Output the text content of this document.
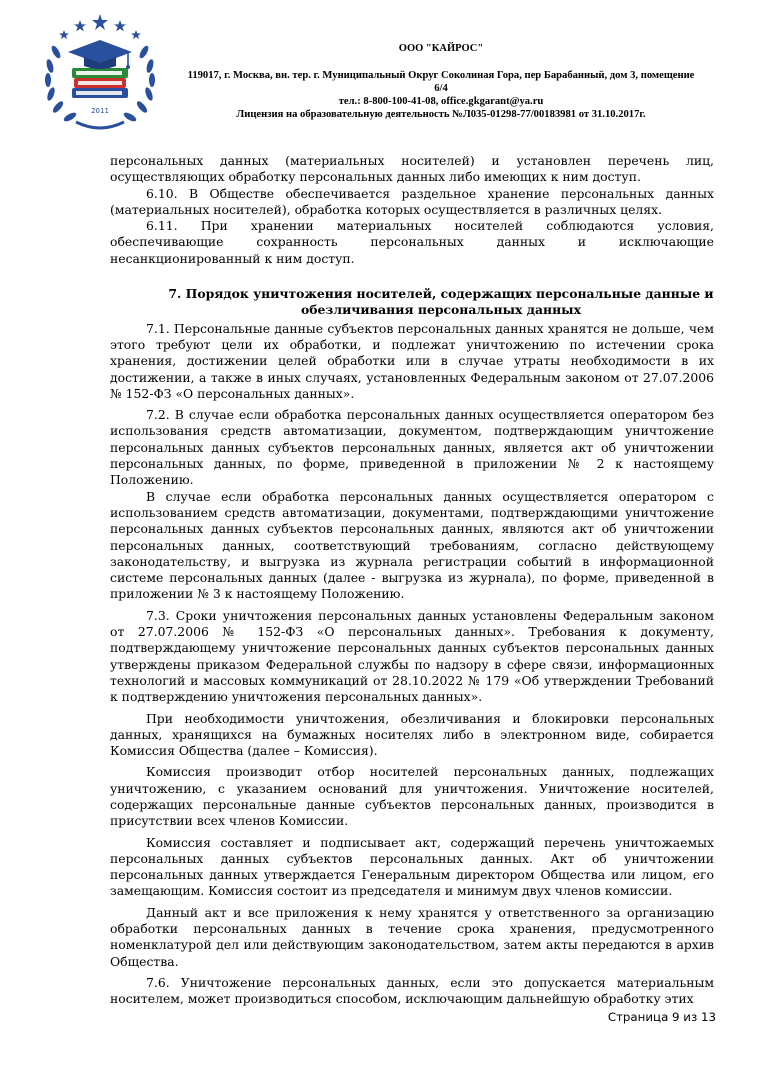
2011
ООО "КАЙРОС"
119017, г. Москва, вн. тер. г. Муниципальный Округ Соколиная Гора, пер Барабанный, дом 3, помещение 6/4
тел.: 8-800-100-41-08, office.gkgarant@ya.ru
Лицензия на образовательную деятельность №Л035-01298-77/00183981 от 31.10.2017г.

персональных данных (материальных носителей) и установлен перечень лиц, осуществляющих обработку персональных данных либо имеющих к ним доступ.

6.10. В Обществе обеспечивается раздельное хранение персональных данных (материальных носителей), обработка которых осуществляется в различных целях.

6.11. При хранении материальных носителей соблюдаются условия, обеспечивающие сохранность персональных данных и исключающие несанкционированный к ним доступ.

7. Порядок уничтожения носителей, содержащих персональные данные и
обезличивания персональных данных

7.1. Персональные данные субъектов персональных данных хранятся не дольше, чем этого требуют цели их обработки, и подлежат уничтожению по истечении срока хранения, достижении целей обработки или в случае утраты необходимости в их достижении, а также в иных случаях, установленных Федеральным законом от 27.07.2006 № 152-ФЗ «О персональных данных».

7.2. В случае если обработка персональных данных осуществляется оператором без использования средств автоматизации, документом, подтверждающим уничтожение персональных данных субъектов персональных данных, является акт об уничтожении персональных данных, по форме, приведенной в приложении № 2 к настоящему Положению.

В случае если обработка персональных данных осуществляется оператором с использованием средств автоматизации, документами, подтверждающими уничтожение персональных данных субъектов персональных данных, являются акт об уничтожении персональных данных, соответствующий требованиям, согласно действующему законодательству, и выгрузка из журнала регистрации событий в информационной системе персональных данных (далее - выгрузка из журнала), по форме, приведенной в приложении № 3 к настоящему Положению.

7.3. Сроки уничтожения персональных данных установлены Федеральным законом от 27.07.2006 № 152-ФЗ «О персональных данных». Требования к документу, подтверждающему уничтожение персональных данных субъектов персональных данных утверждены приказом Федеральной службы по надзору в сфере связи, информационных технологий и массовых коммуникаций от 28.10.2022 № 179 «Об утверждении Требований к подтверждению уничтожения персональных данных».

При необходимости уничтожения, обезличивания и блокировки персональных данных, хранящихся на бумажных носителях либо в электронном виде, собирается Комиссия Общества (далее – Комиссия).

Комиссия производит отбор носителей персональных данных, подлежащих уничтожению, с указанием оснований для уничтожения. Уничтожение носителей, содержащих персональные данные субъектов персональных данных, производится в присутствии всех членов Комиссии.

Комиссия составляет и подписывает акт, содержащий перечень уничтожаемых персональных данных субъектов персональных данных. Акт об уничтожении персональных данных утверждается Генеральным директором Общества или лицом, его замещающим. Комиссия состоит из председателя и минимум двух членов комиссии.

Данный акт и все приложения к нему хранятся у ответственного за организацию обработки персональных данных в течение срока хранения, предусмотренного номенклатурой дел или действующим законодательством, затем акты передаются в архив Общества.

7.6. Уничтожение персональных данных, если это допускается материальным носителем, может производиться способом, исключающим дальнейшую обработку этих

Страница 9 из 13
